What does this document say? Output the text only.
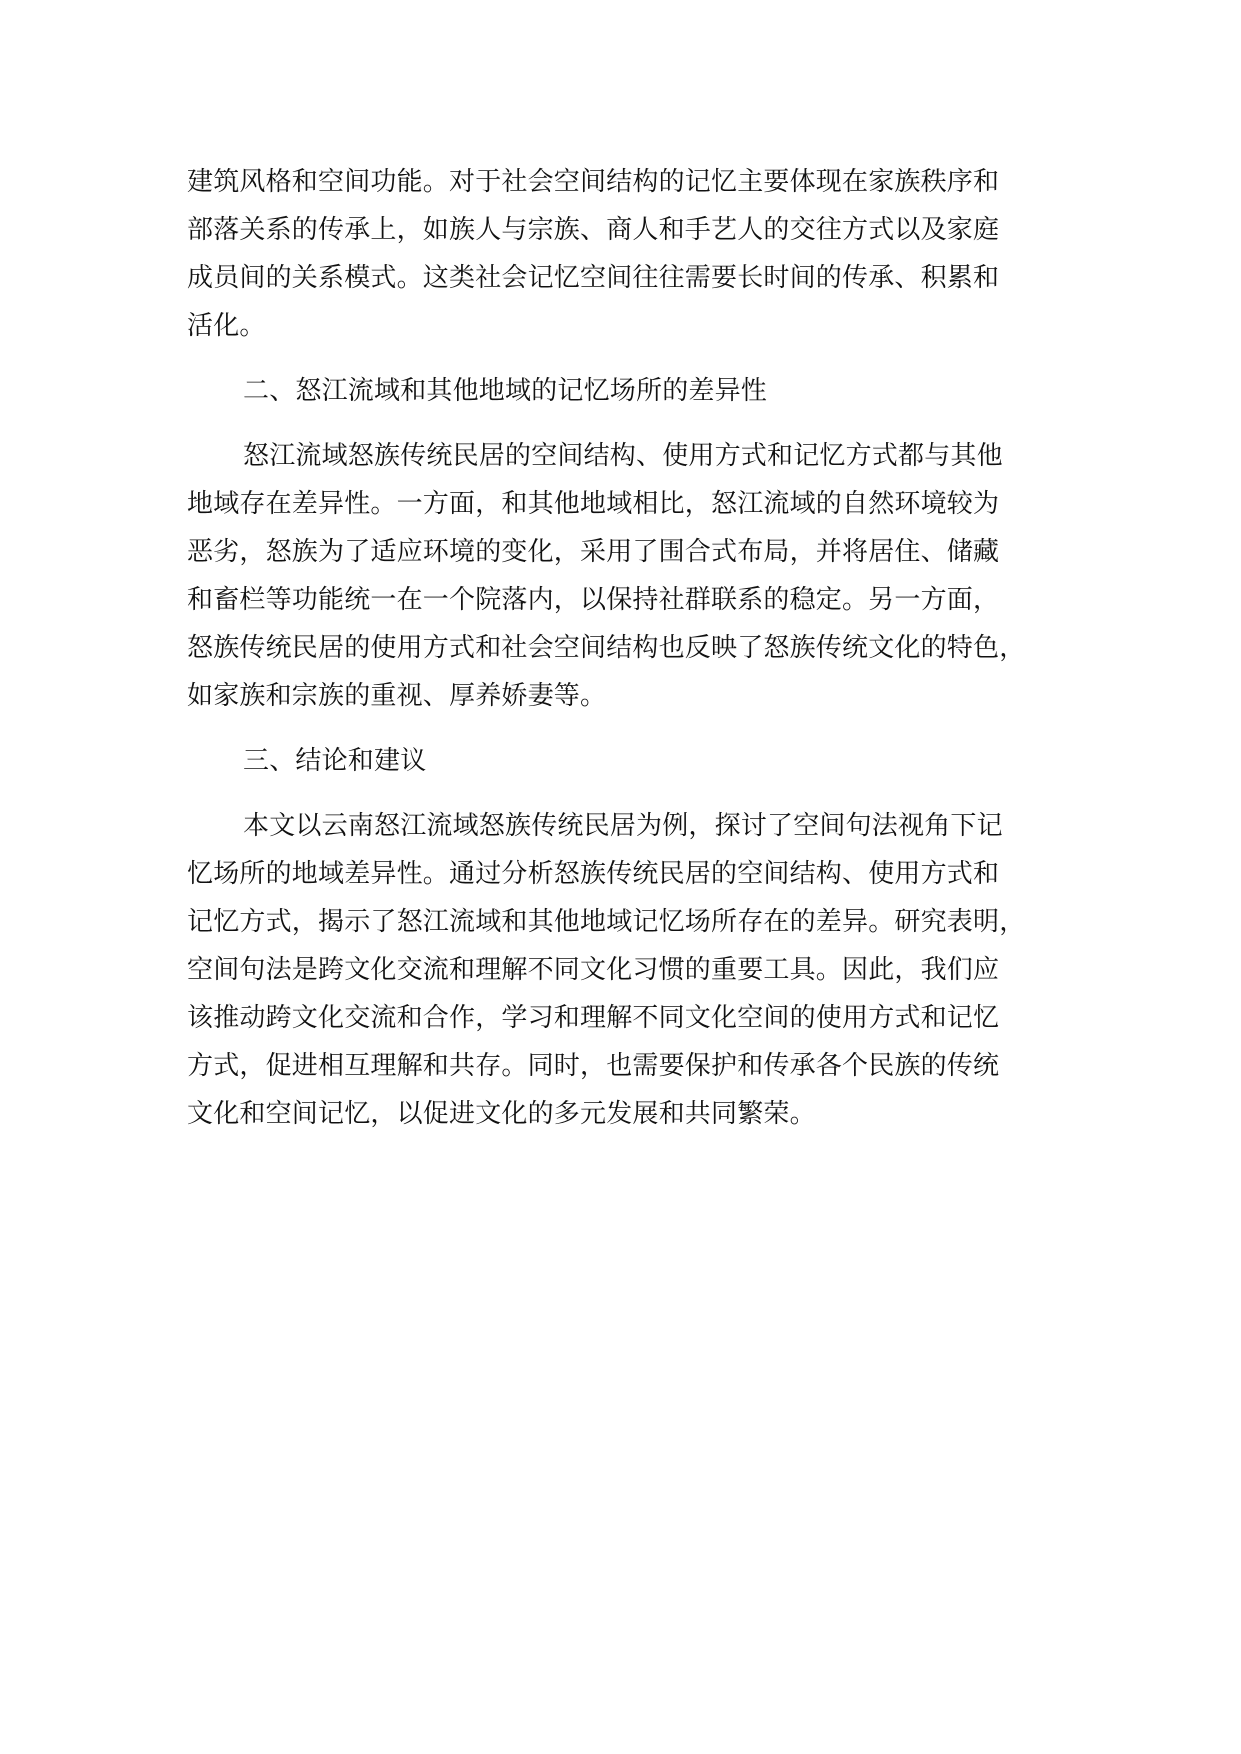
建筑风格和空间功能。对于社会空间结构的记忆主要体现在家族秩序和
部落关系的传承上，如族人与宗族、商人和手艺人的交往方式以及家庭
成员间的关系模式。这类社会记忆空间往往需要长时间的传承、积累和
活化。
二、怒江流域和其他地域的记忆场所的差异性
怒江流域怒族传统民居的空间结构、使用方式和记忆方式都与其他
地域存在差异性。一方面，和其他地域相比，怒江流域的自然环境较为
恶劣，怒族为了适应环境的变化，采用了围合式布局，并将居住、储藏
和畜栏等功能统一在一个院落内，以保持社群联系的稳定。另一方面，
怒族传统民居的使用方式和社会空间结构也反映了怒族传统文化的特色，
如家族和宗族的重视、厚养娇妻等。
三、结论和建议
本文以云南怒江流域怒族传统民居为例，探讨了空间句法视角下记
忆场所的地域差异性。通过分析怒族传统民居的空间结构、使用方式和
记忆方式，揭示了怒江流域和其他地域记忆场所存在的差异。研究表明，
空间句法是跨文化交流和理解不同文化习惯的重要工具。因此，我们应
该推动跨文化交流和合作，学习和理解不同文化空间的使用方式和记忆
方式，促进相互理解和共存。同时，也需要保护和传承各个民族的传统
文化和空间记忆，以促进文化的多元发展和共同繁荣。
